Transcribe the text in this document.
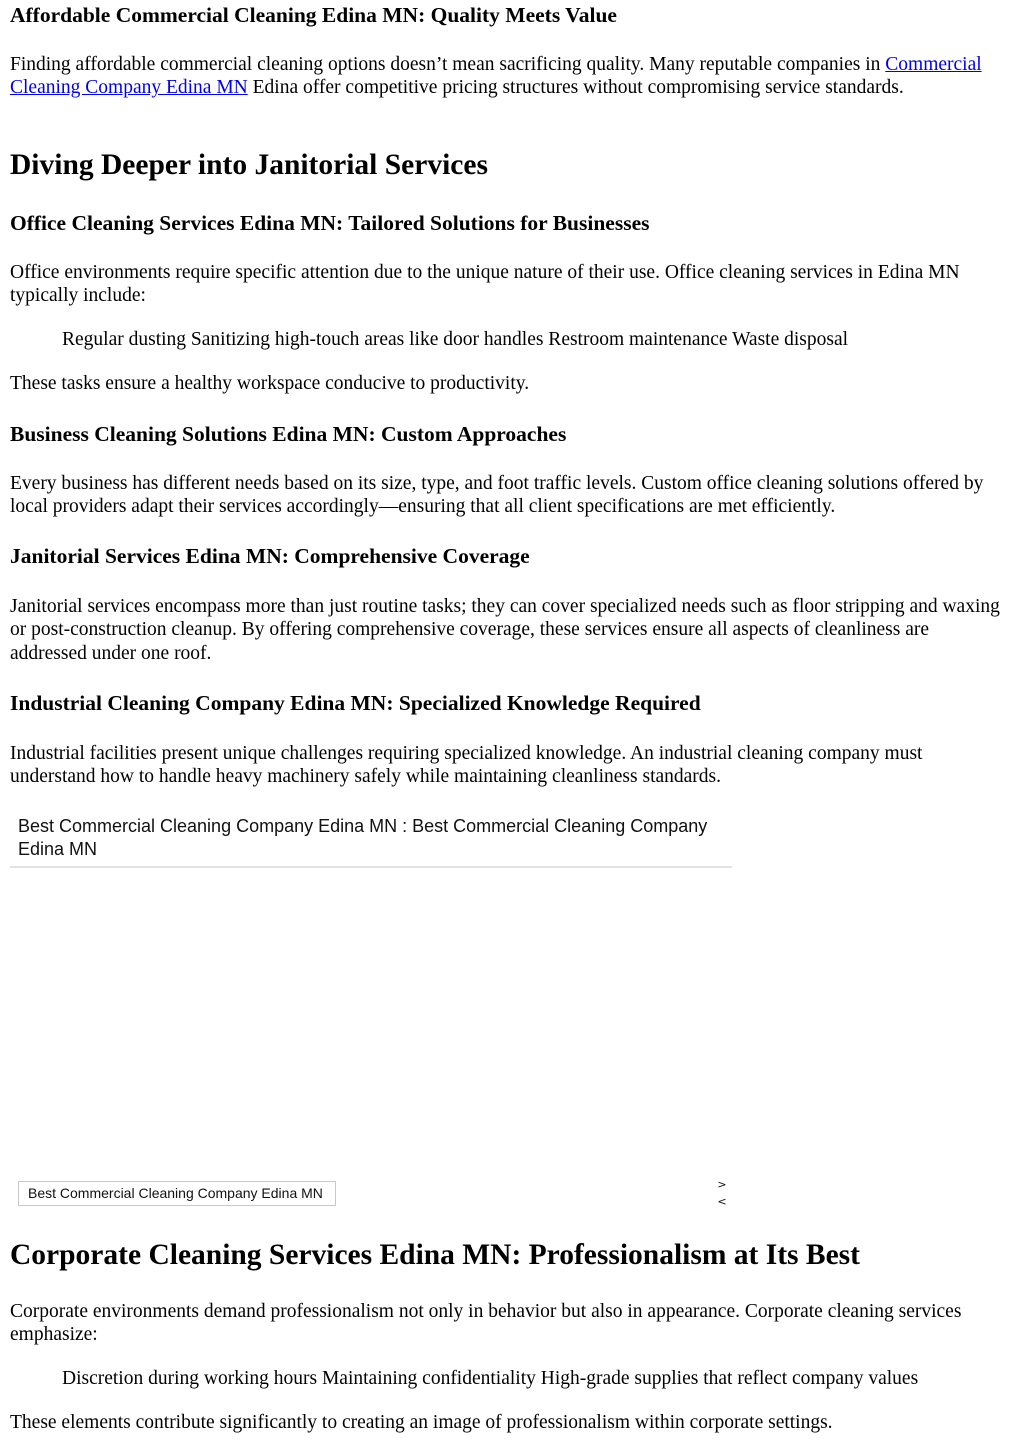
Affordable Commercial Cleaning Edina MN: Quality Meets Value

Finding affordable commercial cleaning options doesn’t mean sacrificing quality. Many reputable companies in Commercial Cleaning Company Edina MN Edina offer competitive pricing structures without compromising service standards.

Diving Deeper into Janitorial Services
Office Cleaning Services Edina MN: Tailored Solutions for Businesses

Office environments require specific attention due to the unique nature of their use. Office cleaning services in Edina MN typically include:

Regular dusting Sanitizing high-touch areas like door handles Restroom maintenance Waste disposal

These tasks ensure a healthy workspace conducive to productivity.

Business Cleaning Solutions Edina MN: Custom Approaches

Every business has different needs based on its size, type, and foot traffic levels. Custom office cleaning solutions offered by local providers adapt their services accordingly—ensuring that all client specifications are met efficiently.

Janitorial Services Edina MN: Comprehensive Coverage

Janitorial services encompass more than just routine tasks; they can cover specialized needs such as floor stripping and waxing or post-construction cleanup. By offering comprehensive coverage, these services ensure all aspects of cleanliness are addressed under one roof.

Industrial Cleaning Company Edina MN: Specialized Knowledge Required

Industrial facilities present unique challenges requiring specialized knowledge. An industrial cleaning company must understand how to handle heavy machinery safely while maintaining cleanliness standards.

Best Commercial Cleaning Company Edina MN : Best Commercial Cleaning Company Edina MN
Best Commercial Cleaning Company Edina MN
>
<
Corporate Cleaning Services Edina MN: Professionalism at Its Best

Corporate environments demand professionalism not only in behavior but also in appearance. Corporate cleaning services emphasize:

Discretion during working hours Maintaining confidentiality High-grade supplies that reflect company values

These elements contribute significantly to creating an image of professionalism within corporate settings.
